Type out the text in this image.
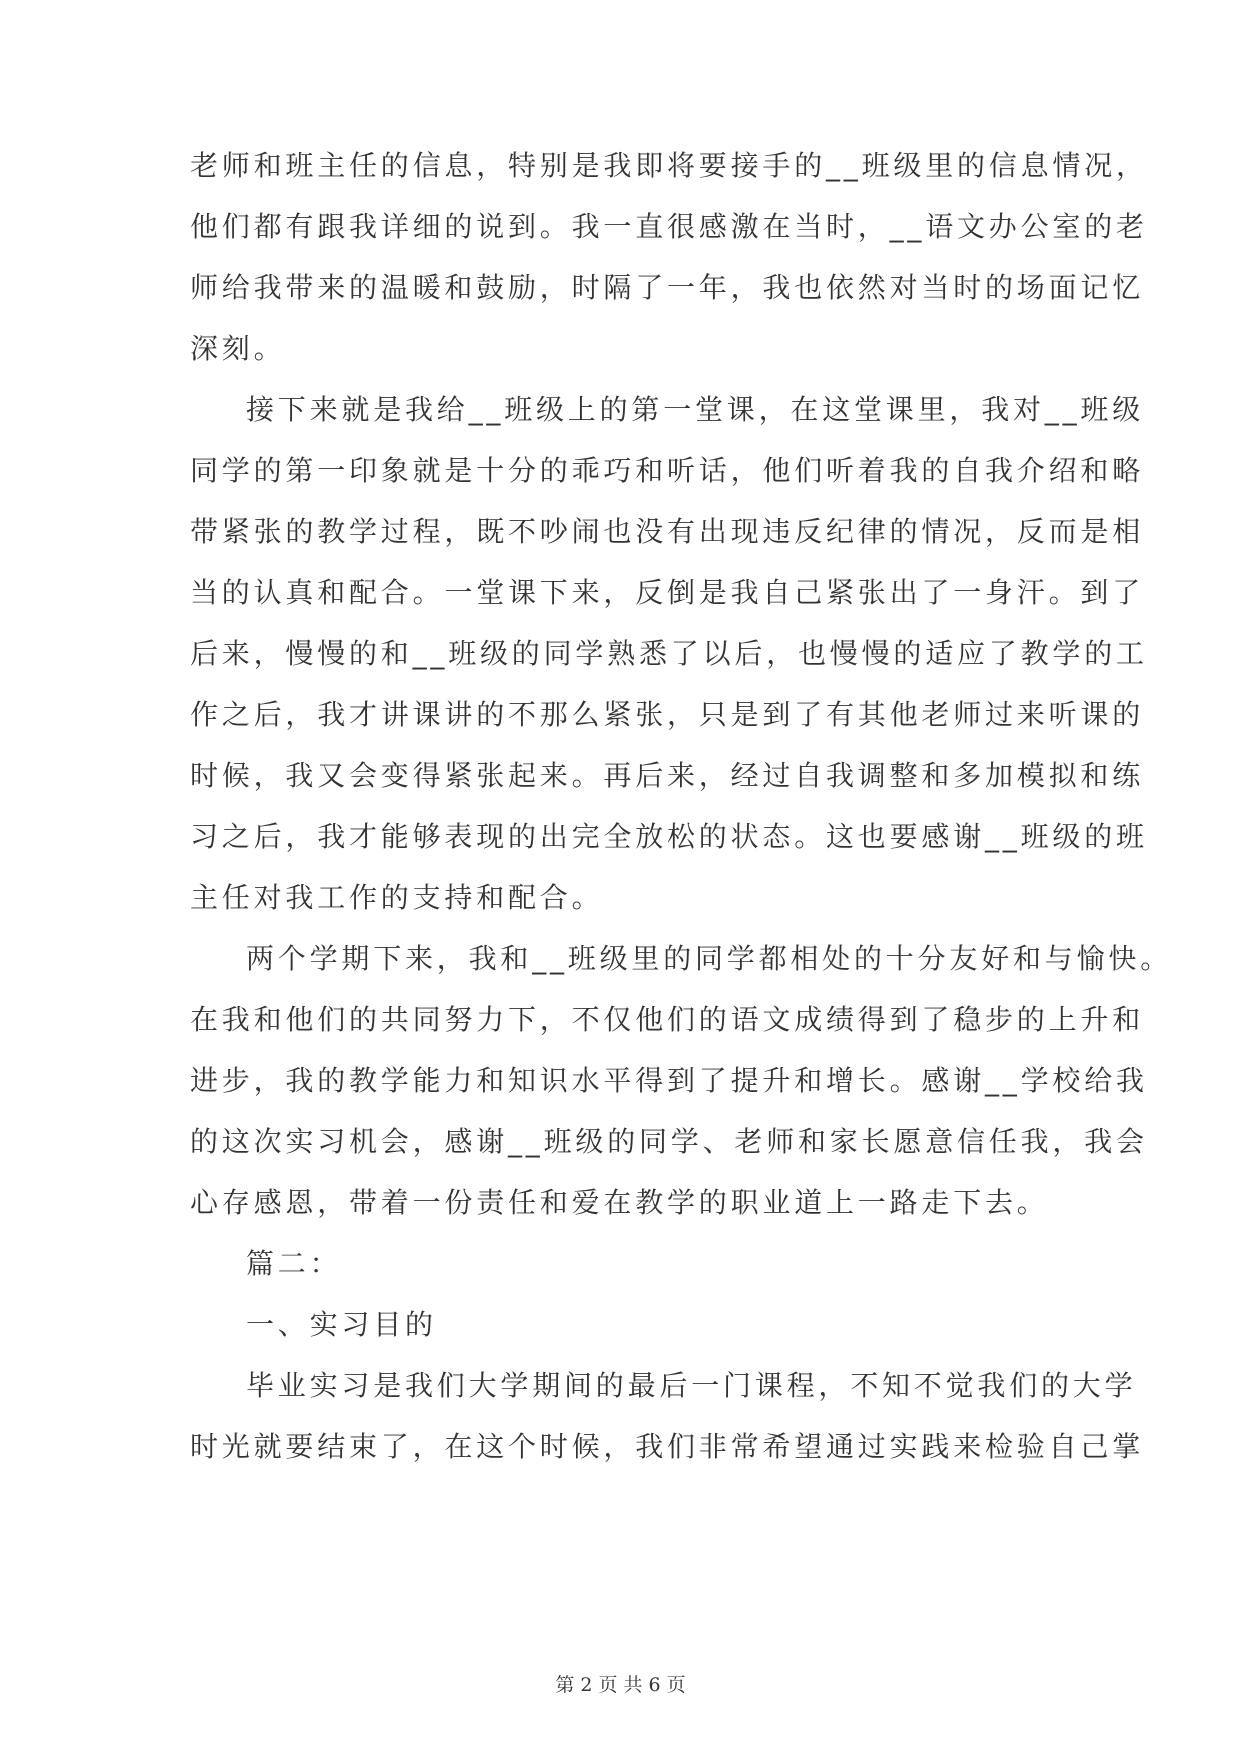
老师和班主任的信息，特别是我即将要接手的__班级里的信息情况，
他们都有跟我详细的说到。我一直很感激在当时，__语文办公室的老
师给我带来的温暖和鼓励，时隔了一年，我也依然对当时的场面记忆
深刻。
接下来就是我给__班级上的第一堂课，在这堂课里，我对__班级
同学的第一印象就是十分的乖巧和听话，他们听着我的自我介绍和略
带紧张的教学过程，既不吵闹也没有出现违反纪律的情况，反而是相
当的认真和配合。一堂课下来，反倒是我自己紧张出了一身汗。到了
后来，慢慢的和__班级的同学熟悉了以后，也慢慢的适应了教学的工
作之后，我才讲课讲的不那么紧张，只是到了有其他老师过来听课的
时候，我又会变得紧张起来。再后来，经过自我调整和多加模拟和练
习之后，我才能够表现的出完全放松的状态。这也要感谢__班级的班
主任对我工作的支持和配合。
两个学期下来，我和__班级里的同学都相处的十分友好和与愉快。
在我和他们的共同努力下，不仅他们的语文成绩得到了稳步的上升和
进步，我的教学能力和知识水平得到了提升和增长。感谢__学校给我
的这次实习机会，感谢__班级的同学、老师和家长愿意信任我，我会
心存感恩，带着一份责任和爱在教学的职业道上一路走下去。
篇二：
一、实习目的
毕业实习是我们大学期间的最后一门课程，不知不觉我们的大学
时光就要结束了，在这个时候，我们非常希望通过实践来检验自己掌
第 2 页 共 6 页
